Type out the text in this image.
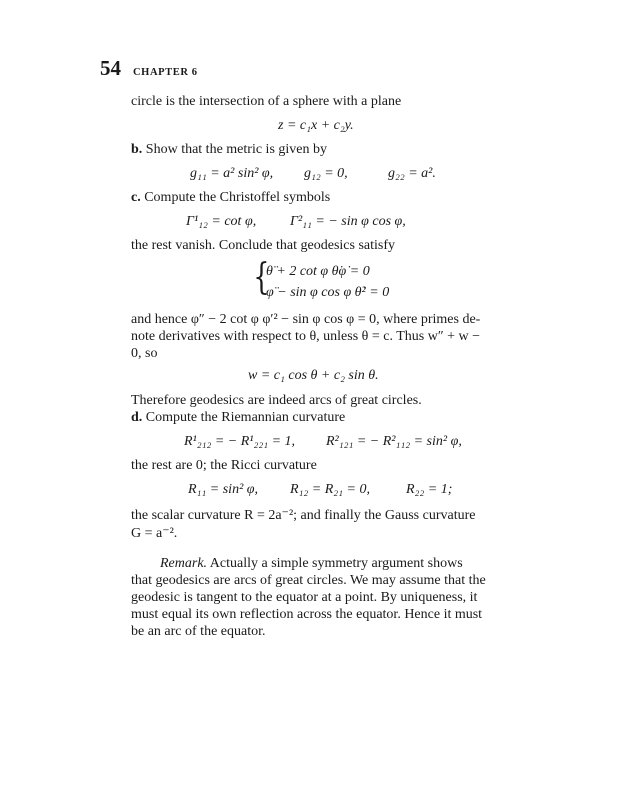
54 CHAPTER 6
circle is the intersection of a sphere with a plane
z = c₁x + c₂y.
b. Show that the metric is given by
g₁₁ = a² sin² φ, g₁₂ = 0,	g₂₂ = a².
c. Compute the Christoffel symbols
Γ¹₁₂ = cot φ, Γ²₁₁ = − sin φ cos φ,
the rest vanish. Conclude that geodesics satisfy
{
θ̈ + 2 cot φ θ̇φ̇ = 0
φ̈ − sin φ cos φ θ̇² = 0
and hence φ″ − 2 cot φ φ′² − sin φ cos φ = 0, where primes de-
note derivatives with respect to θ, unless θ = c. Thus w″ + w −
0, so
w = c₁ cos θ + c₂ sin θ.
Therefore geodesics are indeed arcs of great circles.
d. Compute the Riemannian curvature
R¹₂₁₂ = − R¹₂₂₁ = 1, R²₁₂₁ = − R²₁₁₂ = sin² φ,
the rest are 0; the Ricci curvature
R₁₁ = sin² φ, R₁₂ = R₂₁ = 0,	R₂₂ = 1;
the scalar curvature R = 2a⁻²; and finally the Gauss curvature
G = a⁻².
Remark. Actually a simple symmetry argument shows
that geodesics are arcs of great circles. We may assume that the
geodesic is tangent to the equator at a point. By uniqueness, it
must equal its own reflection across the equator. Hence it must
be an arc of the equator.
